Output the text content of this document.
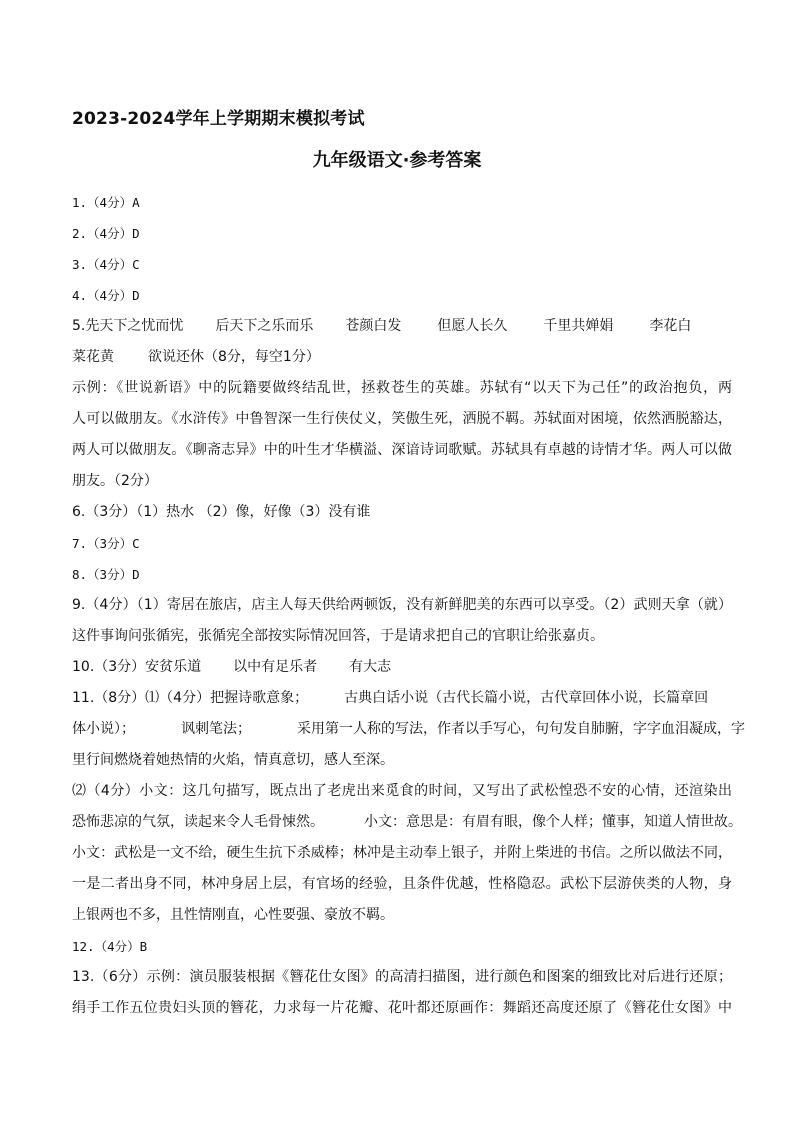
2023-2024学年上学期期末模拟考试
九年级语文·参考答案
1.（4分）A
2.（4分）D
3.（4分）C
4.（4分）D
5.先天下之忧而忧 后天下之乐而乐 苍颜白发	但愿人长久	千里共婵娟	李花白
菜花黄 欲说还休（8分，每空1分）
示例：《世说新语》中的阮籍要做终结乱世，拯救苍生的英雄。苏轼有“以天下为己任”的政治抱负，两
人可以做朋友。《水浒传》中鲁智深一生行侠仗义，笑傲生死，洒脱不羁。苏轼面对困境，依然洒脱豁达，
两人可以做朋友。《聊斋志异》中的叶生才华横溢、深谙诗词歌赋。苏轼具有卓越的诗情才华。两人可以做
朋友。（2分）
6.（3分）（1）热水 （2）像，好像（3）没有谁
7.（3分）C
8.（3分）D
9.（4分）（1）寄居在旅店，店主人每天供给两顿饭，没有新鲜肥美的东西可以享受。（2）武则天拿（就）
这件事询问张循宪，张循宪全部按实际情况回答，于是请求把自己的官职让给张嘉贞。
10.（3分）安贫乐道 以中有足乐者 有大志
11.（8分）⑴（4分）把握诗歌意象；	古典白话小说（古代长篇小说，古代章回体小说，长篇章回
体小说）；	讽刺笔法；	采用第一人称的写法，作者以手写心，句句发自肺腑，字字血泪凝成，字
里行间燃烧着她热情的火焰，情真意切，感人至深。
⑵（4分）小文：这几句描写，既点出了老虎出来觅食的时间，又写出了武松惶恐不安的心情，还渲染出
恐怖悲凉的气氛，读起来令人毛骨悚然。	小文：意思是：有眉有眼，像个人样；懂事，知道人情世故。
小文：武松是一文不给，硬生生抗下杀威棒；林冲是主动奉上银子，并附上柴进的书信。之所以做法不同，
一是二者出身不同，林冲身居上层，有官场的经验，且条件优越，性格隐忍。武松下层游侠类的人物，身
上银两也不多，且性情刚直，心性要强、豪放不羁。
12.（4分）B
13.（6分）示例：演员服装根据《簪花仕女图》的高清扫描图，进行颜色和图案的细致比对后进行还原；
绢手工作五位贵妇头顶的簪花，力求每一片花瓣、花叶都还原画作：舞蹈还高度还原了《簪花仕女图》中
